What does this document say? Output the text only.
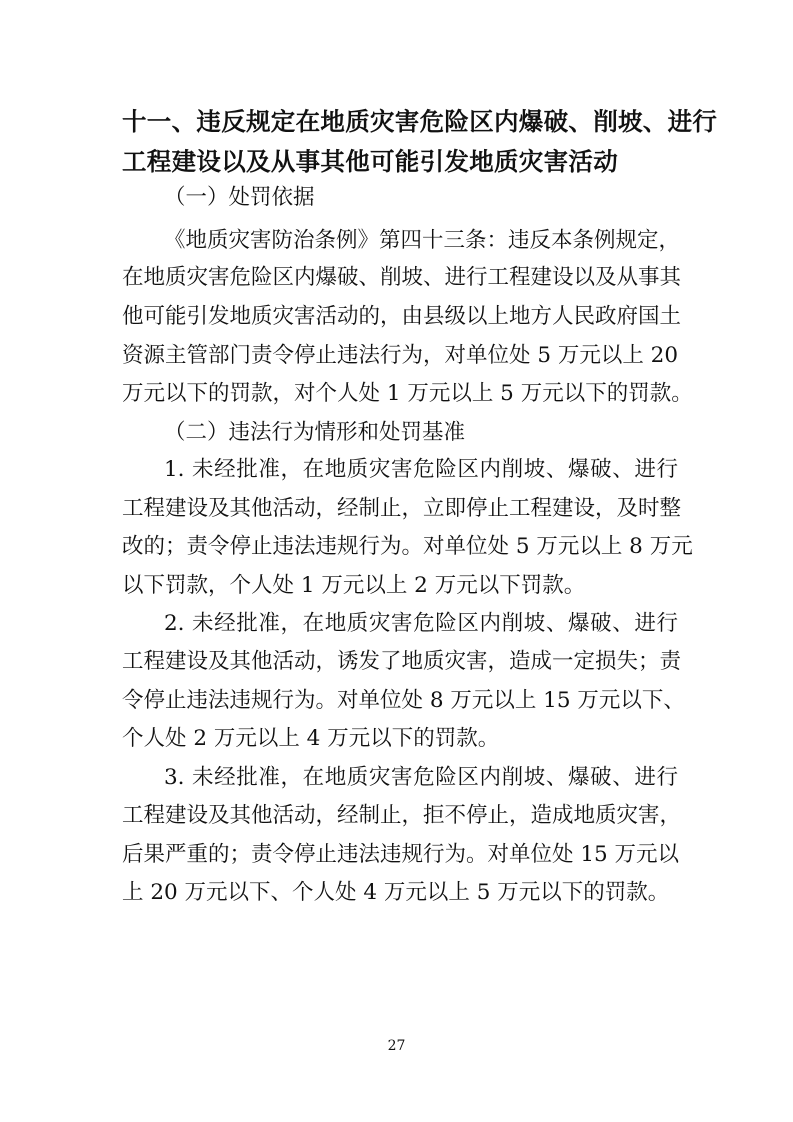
十一、违反规定在地质灾害危险区内爆破、削坡、进行
工程建设以及从事其他可能引发地质灾害活动
（一）处罚依据
《地质灾害防治条例》第四十三条：违反本条例规定，
在地质灾害危险区内爆破、削坡、进行工程建设以及从事其
他可能引发地质灾害活动的，由县级以上地方人民政府国土
资源主管部门责令停止违法行为，对单位处 5 万元以上 20
万元以下的罚款，对个人处 1 万元以上 5 万元以下的罚款。
（二）违法行为情形和处罚基准
1. 未经批准，在地质灾害危险区内削坡、爆破、进行
工程建设及其他活动，经制止，立即停止工程建设，及时整
改的；责令停止违法违规行为。对单位处 5 万元以上 8 万元
以下罚款，个人处 1 万元以上 2 万元以下罚款。
2. 未经批准，在地质灾害危险区内削坡、爆破、进行
工程建设及其他活动，诱发了地质灾害，造成一定损失；责
令停止违法违规行为。对单位处 8 万元以上 15 万元以下、
个人处 2 万元以上 4 万元以下的罚款。
3. 未经批准，在地质灾害危险区内削坡、爆破、进行
工程建设及其他活动，经制止，拒不停止，造成地质灾害，
后果严重的；责令停止违法违规行为。对单位处 15 万元以
上 20 万元以下、个人处 4 万元以上 5 万元以下的罚款。
27
